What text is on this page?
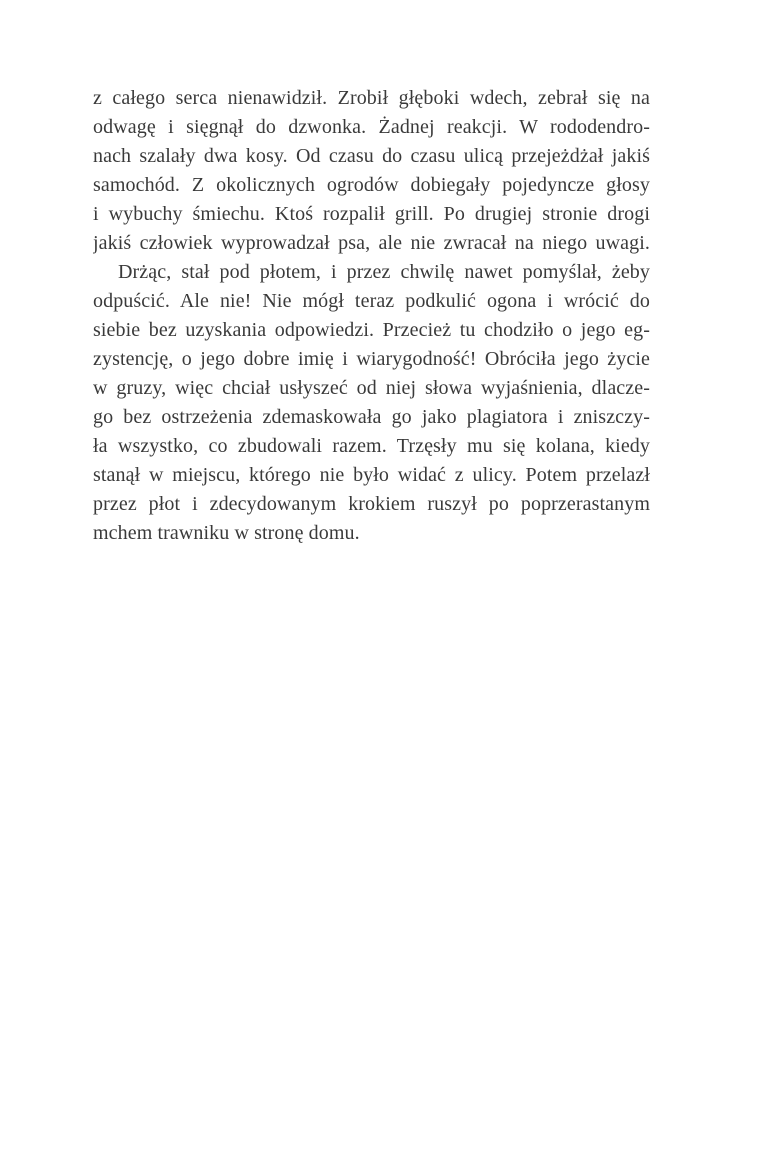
z całego serca nienawidził. Zrobił głęboki wdech, zebrał się na
odwagę i sięgnął do dzwonka. Żadnej reakcji. W rododendro-
nach szalały dwa kosy. Od czasu do czasu ulicą przejeżdżał jakiś
samochód. Z okolicznych ogrodów dobiegały pojedyncze głosy
i wybuchy śmiechu. Ktoś rozpalił grill. Po drugiej stronie drogi
jakiś człowiek wyprowadzał psa, ale nie zwracał na niego uwagi.
Drżąc, stał pod płotem, i przez chwilę nawet pomyślał, żeby
odpuścić. Ale nie! Nie mógł teraz podkulić ogona i wrócić do
siebie bez uzyskania odpowiedzi. Przecież tu chodziło o jego eg-
zystencję, o jego dobre imię i wiarygodność! Obróciła jego życie
w gruzy, więc chciał usłyszeć od niej słowa wyjaśnienia, dlacze-
go bez ostrzeżenia zdemaskowała go jako plagiatora i zniszczy-
ła wszystko, co zbudowali razem. Trzęsły mu się kolana, kiedy
stanął w miejscu, którego nie było widać z ulicy. Potem przelazł
przez płot i zdecydowanym krokiem ruszył po poprzerastanym
mchem trawniku w stronę domu.
